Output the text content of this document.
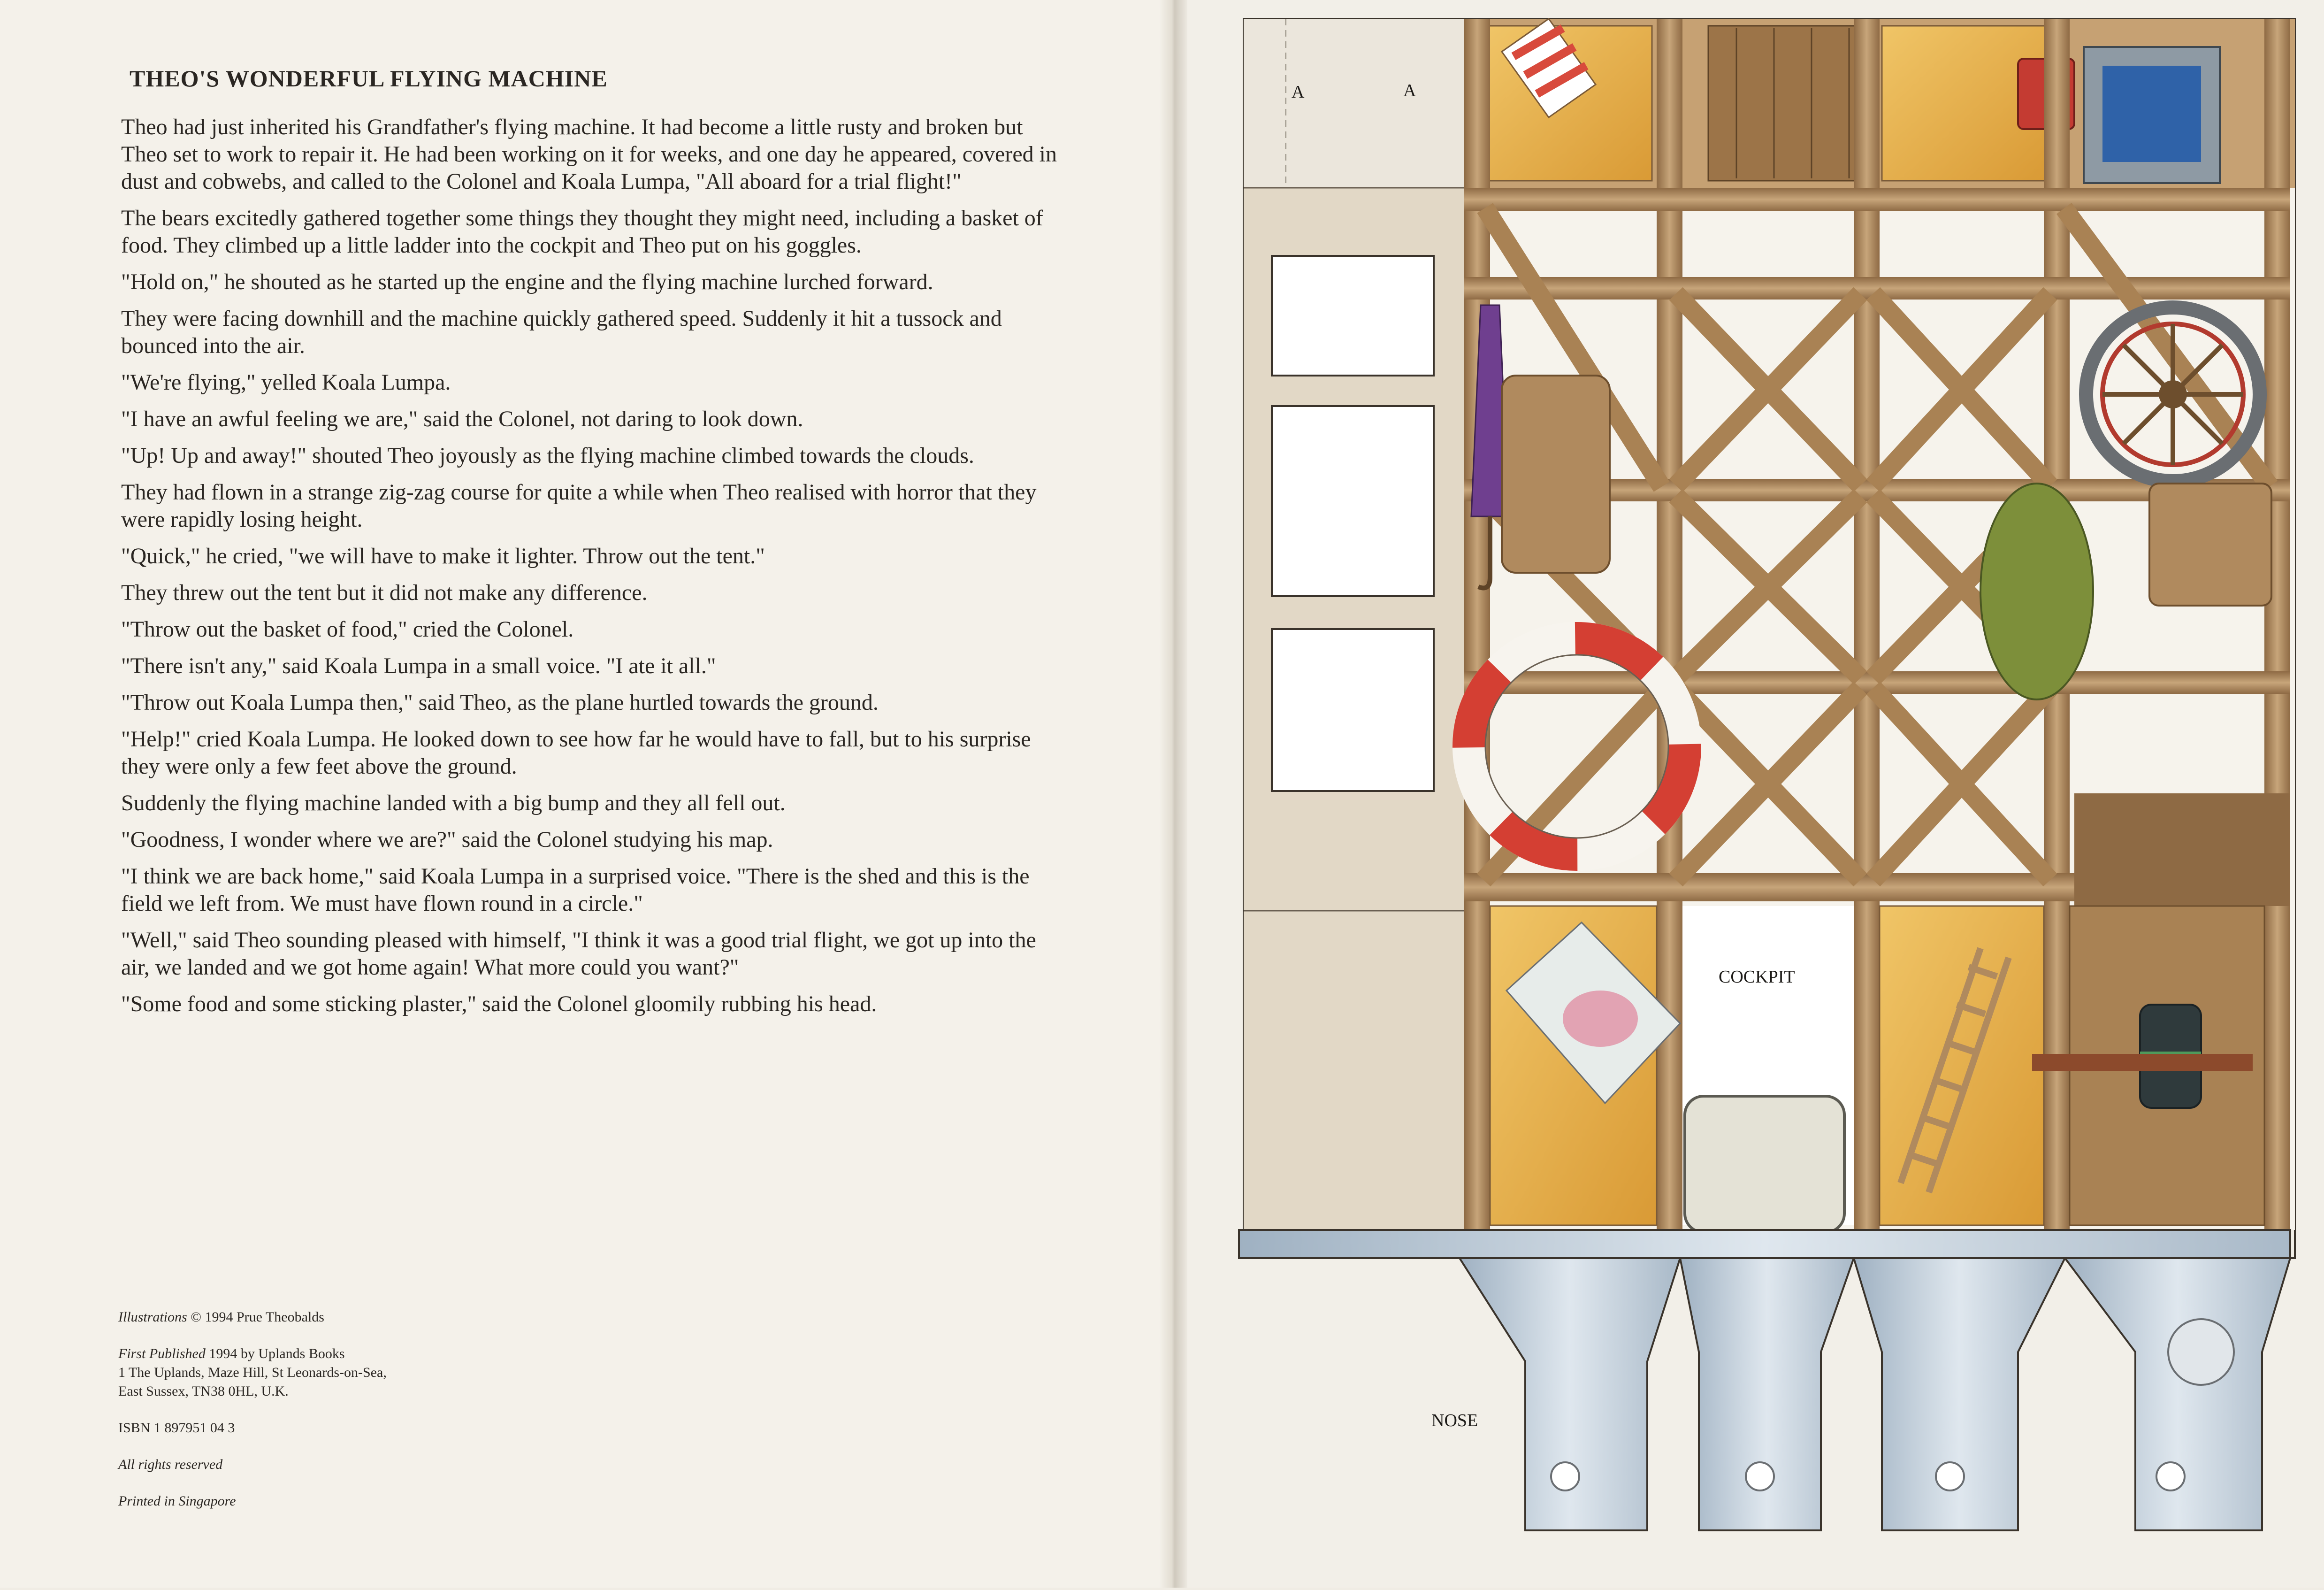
THEO'S WONDERFUL FLYING MACHINE

Theo had just inherited his Grandfather's flying machine. It had become a little rusty and broken but Theo set to work to repair it. He had been working on it for weeks, and one day he appeared, covered in dust and cobwebs, and called to the Colonel and Koala Lumpa, "All aboard for a trial flight!"

The bears excitedly gathered together some things they thought they might need, including a basket of food. They climbed up a little ladder into the cockpit and Theo put on his goggles.

"Hold on," he shouted as he started up the engine and the flying machine lurched forward.

They were facing downhill and the machine quickly gathered speed. Suddenly it hit a tussock and bounced into the air.

"We're flying," yelled Koala Lumpa.

"I have an awful feeling we are," said the Colonel, not daring to look down.

"Up! Up and away!" shouted Theo joyously as the flying machine climbed towards the clouds.

They had flown in a strange zig-zag course for quite a while when Theo realised with horror that they were rapidly losing height.

"Quick," he cried, "we will have to make it lighter. Throw out the tent."

They threw out the tent but it did not make any difference.

"Throw out the basket of food," cried the Colonel.

"There isn't any," said Koala Lumpa in a small voice. "I ate it all."

"Throw out Koala Lumpa then," said Theo, as the plane hurtled towards the ground.

"Help!" cried Koala Lumpa. He looked down to see how far he would have to fall, but to his surprise they were only a few feet above the ground.

Suddenly the flying machine landed with a big bump and they all fell out.

"Goodness, I wonder where we are?" said the Colonel studying his map.

"I think we are back home," said Koala Lumpa in a surprised voice. "There is the shed and this is the field we left from. We must have flown round in a circle."

"Well," said Theo sounding pleased with himself, "I think it was a good trial flight, we got up into the air, we landed and we got home again! What more could you want?"

"Some food and some sticking plaster," said the Colonel gloomily rubbing his head.

Illustrations © 1994 Prue Theobalds

First Published 1994 by Uplands Books
1 The Uplands, Maze Hill, St Leonards-on-Sea,
East Sussex, TN38 0HL, U.K.

ISBN 1 897951 04 3

All rights reserved

Printed in Singapore

A	A
COCKPIT
NOSE
